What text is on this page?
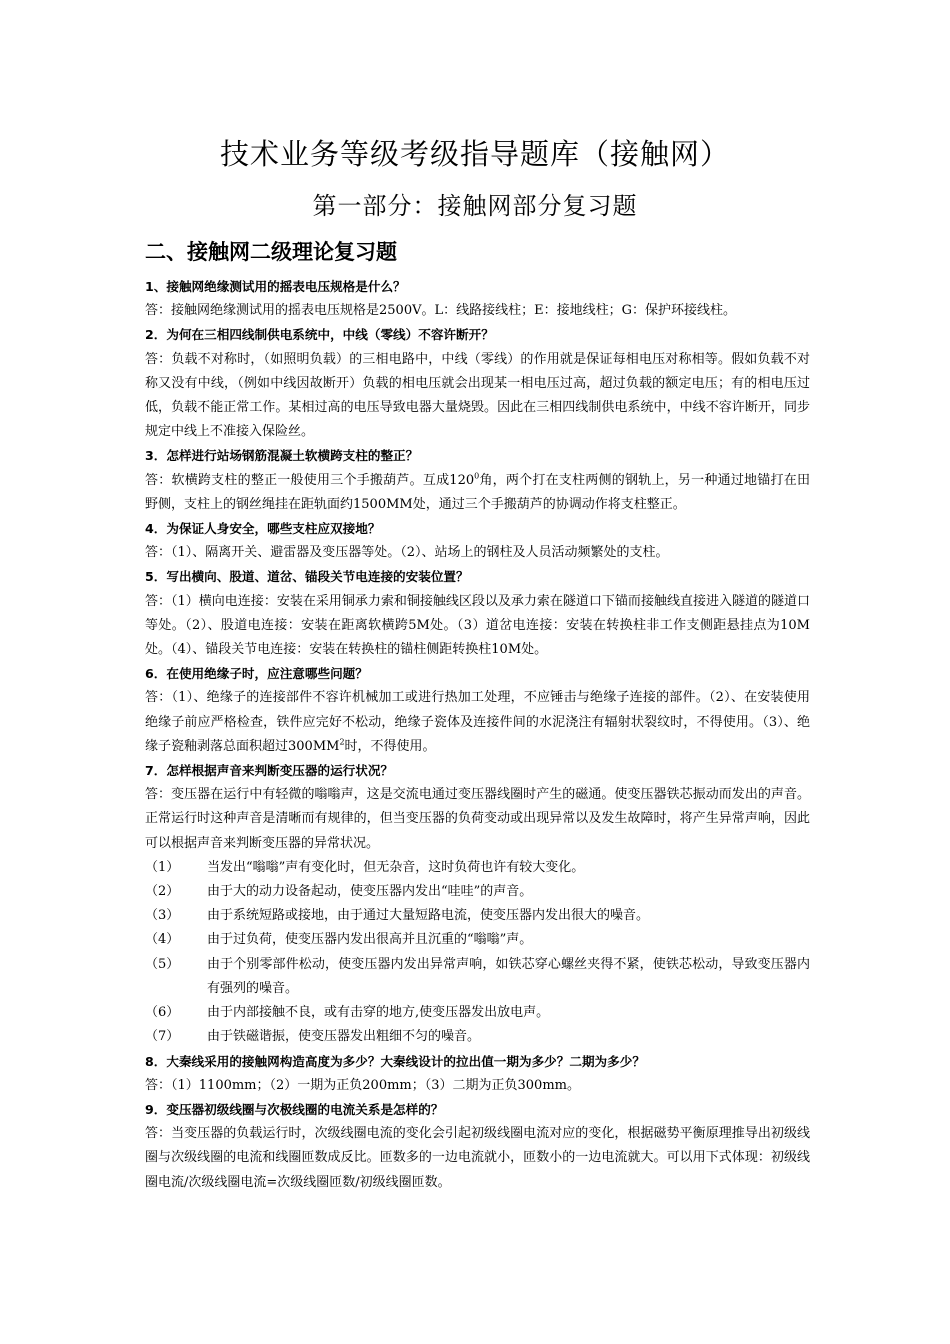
技术业务等级考级指导题库（接触网）
第一部分：接触网部分复习题
二、接触网二级理论复习题
1、接触网绝缘测试用的摇表电压规格是什么？
答：接触网绝缘测试用的摇表电压规格是2500V。L：线路接线柱；E：接地线柱；G：保护环接线柱。
2．为何在三相四线制供电系统中，中线（零线）不容许断开？
答：负载不对称时，（如照明负载）的三相电路中，中线（零线）的作用就是保证每相电压对称相等。假如负载不对称又没有中线，（例如中线因故断开）负载的相电压就会出现某一相电压过高，超过负载的额定电压；有的相电压过低，负载不能正常工作。某相过高的电压导致电器大量烧毁。因此在三相四线制供电系统中，中线不容许断开，同步规定中线上不准接入保险丝。
3．怎样进行站场钢筋混凝土软横跨支柱的整正？
答：软横跨支柱的整正一般使用三个手搬葫芦。互成$120^0$角，两个打在支柱两侧的钢轨上，另一种通过地锚打在田野侧，支柱上的钢丝绳挂在距轨面约1500MM处，通过三个手搬葫芦的协调动作将支柱整正。
4．为保证人身安全，哪些支柱应双接地？
答：（1）、隔离开关、避雷器及变压器等处。（2）、站场上的钢柱及人员活动频繁处的支柱。
5．写出横向、股道、道岔、锚段关节电连接的安装位置？
答：（1）横向电连接：安装在采用铜承力索和铜接触线区段以及承力索在隧道口下锚而接触线直接进入隧道的隧道口等处。（2）、股道电连接：安装在距离软横跨5M处。（3）道岔电连接：安装在转换柱非工作支侧距悬挂点为10M处。（4）、锚段关节电连接：安装在转换柱的锚柱侧距转换柱10M处。
6．在使用绝缘子时，应注意哪些问题？
答：（1）、绝缘子的连接部件不容许机械加工或进行热加工处理，不应锤击与绝缘子连接的部件。（2）、在安装使用绝缘子前应严格检查，铁件应完好不松动，绝缘子瓷体及连接件间的水泥浇注有辐射状裂纹时，不得使用。（3）、绝缘子瓷釉剥落总面积超过$300MM^2$时，不得使用。
7．怎样根据声音来判断变压器的运行状况？
答：变压器在运行中有轻微的嗡嗡声，这是交流电通过变压器线圈时产生的磁通。使变压器铁芯振动而发出的声音。正常运行时这种声音是清晰而有规律的，但当变压器的负荷变动或出现异常以及发生故障时，将产生异常声响，因此可以根据声音来判断变压器的异常状况。
（1）	当发出“嗡嗡”声有变化时，但无杂音，这时负荷也许有较大变化。
（2）	由于大的动力设备起动，使变压器内发出“哇哇”的声音。
（3）	由于系统短路或接地，由于通过大量短路电流，使变压器内发出很大的噪音。
（4）	由于过负荷，使变压器内发出很高并且沉重的“嗡嗡”声。
（5）	由于个别零部件松动，使变压器内发出异常声响，如铁芯穿心螺丝夹得不紧，使铁芯松动，导致变压器内有强列的噪音。
（6）	由于内部接触不良，或有击穿的地方,使变压器发出放电声。
（7）	由于铁磁谐振，使变压器发出粗细不匀的噪音。
8．大秦线采用的接触网构造高度为多少？大秦线设计的拉出值一期为多少？二期为多少？
答：（1）1100mm；（2）一期为正负200mm；（3）二期为正负300mm。
9．变压器初级线圈与次极线圈的电流关系是怎样的？
答：当变压器的负载运行时，次级线圈电流的变化会引起初级线圈电流对应的变化，根据磁势平衡原理推导出初级线圈与次级线圈的电流和线圈匝数成反比。匝数多的一边电流就小，匝数小的一边电流就大。可以用下式体现：初级线圈电流/次级线圈电流=次级线圈匝数/初级线圈匝数。
